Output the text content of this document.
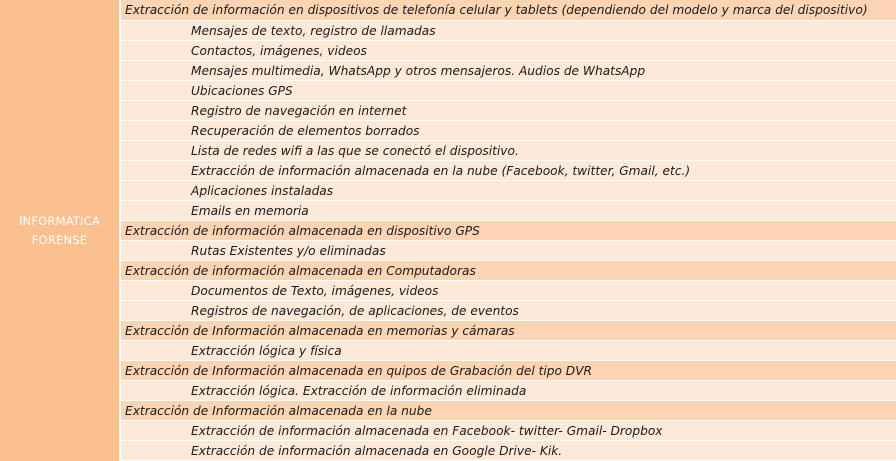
INFORMATICA
FORENSE
Extracción de información en dispositivos de telefonía celular y tablets (dependiendo del modelo y marca del dispositivo)
Mensajes de texto, registro de llamadas
Contactos, imágenes, videos
Mensajes multimedia, WhatsApp y otros mensajeros. Audios de WhatsApp
Ubicaciones GPS
Registro de navegación en internet
Recuperación de elementos borrados
Lista de redes wifi a las que se conectó el dispositivo.
Extracción de información almacenada en la nube (Facebook, twitter, Gmail, etc.)
Aplicaciones instaladas
Emails en memoria
Extracción de información almacenada en dispositivo GPS
Rutas Existentes y/o eliminadas
Extracción de información almacenada en Computadoras
Documentos de Texto, imágenes, videos
Registros de navegación, de aplicaciones, de eventos
Extracción de Información almacenada en memorias y cámaras
Extracción lógica y física
Extracción de Información almacenada en quipos de Grabación del tipo DVR
Extracción lógica. Extracción de información eliminada
Extracción de Información almacenada en la nube
Extracción de información almacenada en Facebook- twitter- Gmail- Dropbox
Extracción de información almacenada en Google Drive- Kik.
